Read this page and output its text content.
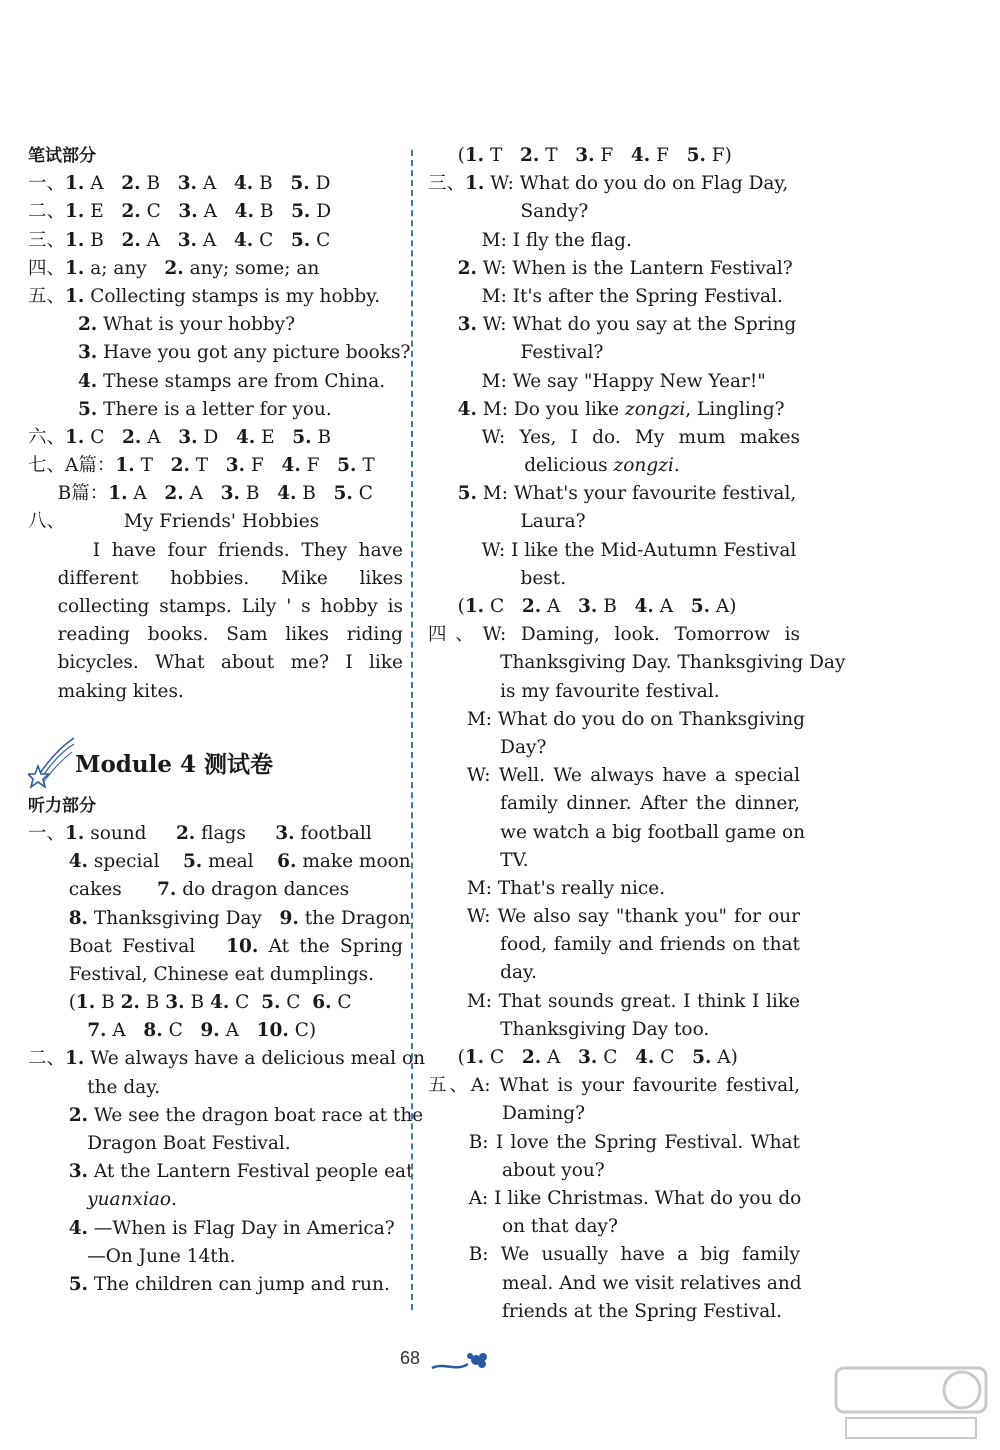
笔试部分
一、1. A   2. B   3. A   4. B   5. D
二、1. E   2. C   3. A   4. B   5. D
三、1. B   2. A   3. A   4. C   5. C
四、1. a; any   2. any; some; an
五、1. Collecting stamps is my hobby.
2. What is your hobby?
3. Have you got any picture books?
4. These stamps are from China.
5. There is a letter for you.
六、1. C   2. A   3. D   4. E   5. B
七、A篇：1. T   2. T   3. F   4. F   5. T
B篇：1. A   2. A   3. B   4. B   5. C
八、          My Friends' Hobbies
I have four friends. They have
different hobbies. Mike likes
collecting stamps. Lily ' s hobby is
reading books. Sam likes riding
bicycles. What about me? I like
making kites.
Module 4 测试卷
听力部分
一、1. sound     2. flags     3. football
4. special    5. meal    6. make moon
cakes      7. do dragon dances
8. Thanksgiving Day   9. the Dragon
Boat Festival   10. At the Spring
Festival, Chinese eat dumplings.
(1. B 2. B 3. B 4. C  5. C  6. C
7. A   8. C   9. A   10. C)
二、1. We always have a delicious meal on
the day.
2. We see the dragon boat race at the
Dragon Boat Festival.
3. At the Lantern Festival people eat
yuanxiao.
4. —When is Flag Day in America?
—On June 14th.
5. The children can jump and run.
(1. T   2. T   3. F   4. F   5. F)
三、1. W: What do you do on Flag Day,
Sandy?
M: I fly the flag.
2. W: When is the Lantern Festival?
M: It's after the Spring Festival.
3. W: What do you say at the Spring
Festival?
M: We say "Happy New Year!"
4. M: Do you like zongzi, Lingling?
W: Yes, I do. My mum makes
delicious zongzi.
5. M: What's your favourite festival,
Laura?
W: I like the Mid-Autumn Festival
best.
(1. C   2. A   3. B   4. A   5. A)
四、W: Daming, look. Tomorrow is
Thanksgiving Day. Thanksgiving Day
is my favourite festival.
M: What do you do on Thanksgiving
Day?
W: Well. We always have a special
family dinner. After the dinner,
we watch a big football game on
TV.
M: That's really nice.
W: We also say "thank you" for our
food, family and friends on that
day.
M: That sounds great. I think I like
Thanksgiving Day too.
(1. C   2. A   3. C   4. C   5. A)
五、A: What is your favourite festival,
Daming?
B: I love the Spring Festival. What
about you?
A: I like Christmas. What do you do
on that day?
B: We usually have a big family
meal. And we visit relatives and
friends at the Spring Festival.
68
